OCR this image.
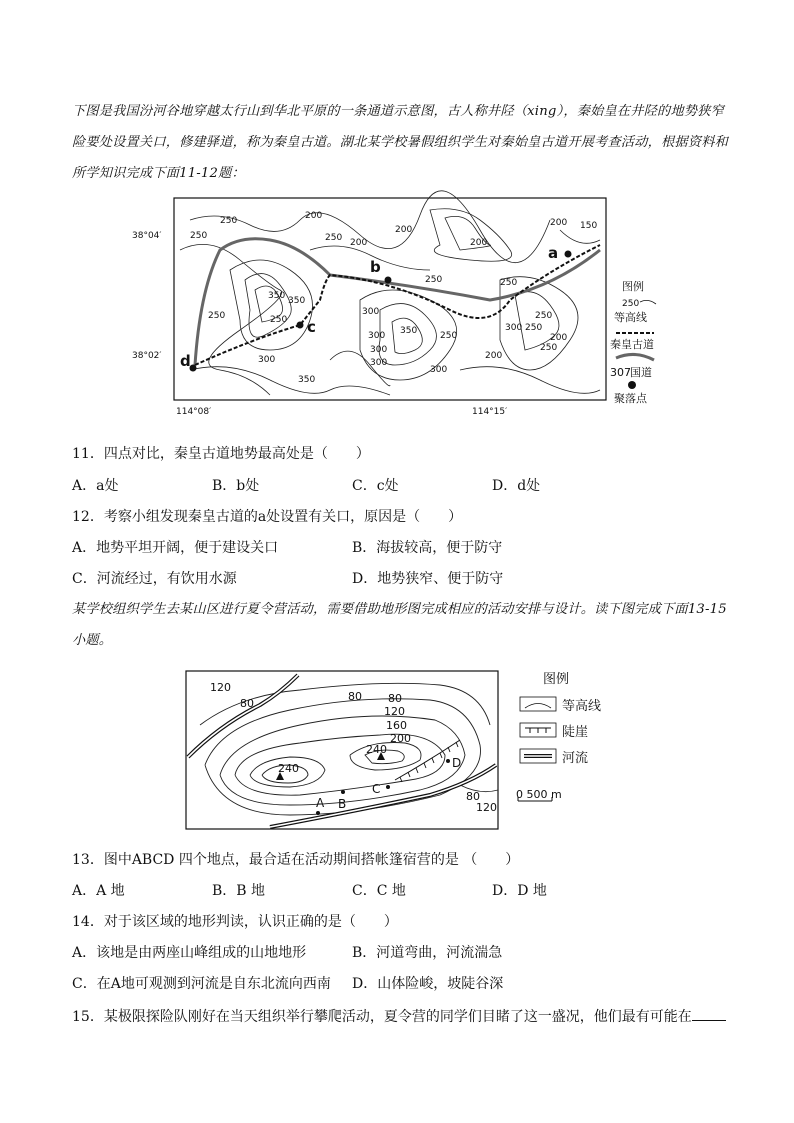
下图是我国汾河谷地穿越太行山到华北平原的一条通道示意图，古人称井陉（xing），秦始皇在井陉的地势狭窄险要处设置关口，修建驿道，称为秦皇古道。湖北某学校暑假组织学生对秦始皇古道开展考查活动，根据资料和所学知识完成下面11-12题：
250	200
250	250
200
200
150
200
200
250	250
350 350
250	250
300
300
350
300
300
250
250
200
250
300
300
350
200
250
300
a
b
c
d
38°04′
38°02′
114°08′	114°15′
图例
250
等高线
秦皇古道
307 国道
聚落点
11．四点对比，秦皇古道地势最高处是（　　）
A．a处	B．b处	C．c处	D．d处
12．考察小组发现秦皇古道的a处设置有关口，原因是（　　）
A．地势平坦开阔，便于建设关口	B．海拔较高，便于防守
C．河流经过，有饮用水源	D．地势狭窄、便于防守
某学校组织学生去某山区进行夏令营活动，需要借助地形图完成相应的活动安排与设计。读下图完成下面13-15小题。
120
80
80 80
120
160
200
240
240
80
120
A B
C
D
图例
等高线
陡崖
河流
0 500 m
13．图中ABCD 四个地点，最合适在活动期间搭帐篷宿营的是 （　　）
A．A 地	B．B 地	C．C 地	D．D 地
14．对于该区域的地形判读，认识正确的是（　　）
A．该地是由两座山峰组成的山地地形	B．河道弯曲，河流湍急
C．在A地可观测到河流是自东北流向西南 D．山体险峻，坡陡谷深
15．某极限探险队刚好在当天组织举行攀爬活动，夏令营的同学们目睹了这一盛况，他们最有可能在
